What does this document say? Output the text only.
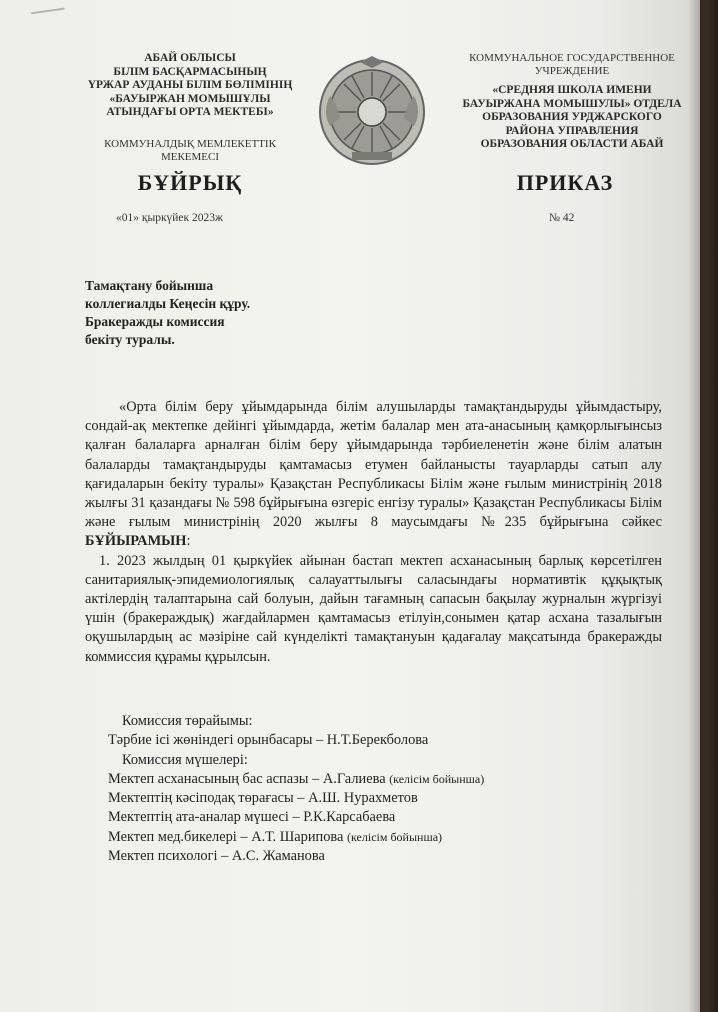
АБАЙ ОБЛЫСЫ
БІЛІМ БАСҚАРМАСЫНЫҢ
ҮРЖАР АУДАНЫ БІЛІМ БӨЛІМІНІҢ
«БАУЫРЖАН МОМЫШҰЛЫ
АТЫНДАҒЫ ОРТА МЕКТЕБІ»
КОММУНАЛДЫҚ МЕМЛЕКЕТТІК
МЕКЕМЕСІ
КОММУНАЛЬНОЕ ГОСУДАРСТВЕННОЕ
УЧРЕЖДЕНИЕ
«СРЕДНЯЯ ШКОЛА ИМЕНИ
БАУЫРЖАНА МОМЫШУЛЫ» ОТДЕЛА
ОБРАЗОВАНИЯ УРДЖАРСКОГО
РАЙОНА УПРАВЛЕНИЯ
ОБРАЗОВАНИЯ ОБЛАСТИ АБАЙ
БҰЙРЫҚ	ПРИКАЗ
«01» қыркүйек 2023ж	№ 42
Тамақтану бойынша
коллегиалды Кеңесін құру.
Бракеражды комиссия
бекіту туралы.

«Орта білім беру ұйымдарында білім алушыларды тамақтандыруды ұйымдастыру, сондай-ақ мектепке дейінгі ұйымдарда, жетім балалар мен ата-анасының қамқорлығынсыз қалған балаларға арналған білім беру ұйымдарында тәрбиеленетін және білім алатын балаларды тамақтандыруды қамтамасыз етумен байланысты тауарларды сатып алу қағидаларын бекіту туралы» Қазақстан Республикасы Білім және ғылым министрінің 2018 жылғы 31 қазандағы № 598 бұйрығына өзгеріс енгізу туралы» Қазақстан Республикасы Білім және ғылым министрінің 2020 жылғы 8 маусымдағы №235 бұйрығына сәйкес БҰЙЫРАМЫН:

1. 2023 жылдың 01 қыркүйек айынан бастап мектеп асханасының барлық көрсетілген санитариялық-эпидемиологиялық салауаттылығы саласындағы нормативтік құқықтық актілердің талаптарына сай болуын, дайын тағамның сапасын бақылау журналын жүргізуі үшін (бракераждық) жағдайлармен қамтамасыз етілуін,сонымен қатар асхана тазалығын оқушылардың ас мәзіріне сай күнделікті тамақтануын қадағалау мақсатында бракеражды коммиссия құрамы құрылсын.

Комиссия төрайымы:
Тәрбие ісі жөніндегі орынбасары – Н.Т.Берекболова
Комиссия мүшелері:
Мектеп асханасының бас аспазы – А.Галиева (келісім бойынша)
Мектептің кәсіподақ төрағасы – А.Ш. Нурахметов
Мектептің ата-аналар мүшесі – Р.К.Карсабаева
Мектеп мед.бикелері – А.Т. Шарипова (келісім бойынша)
Мектеп психологі – А.С. Жаманова
